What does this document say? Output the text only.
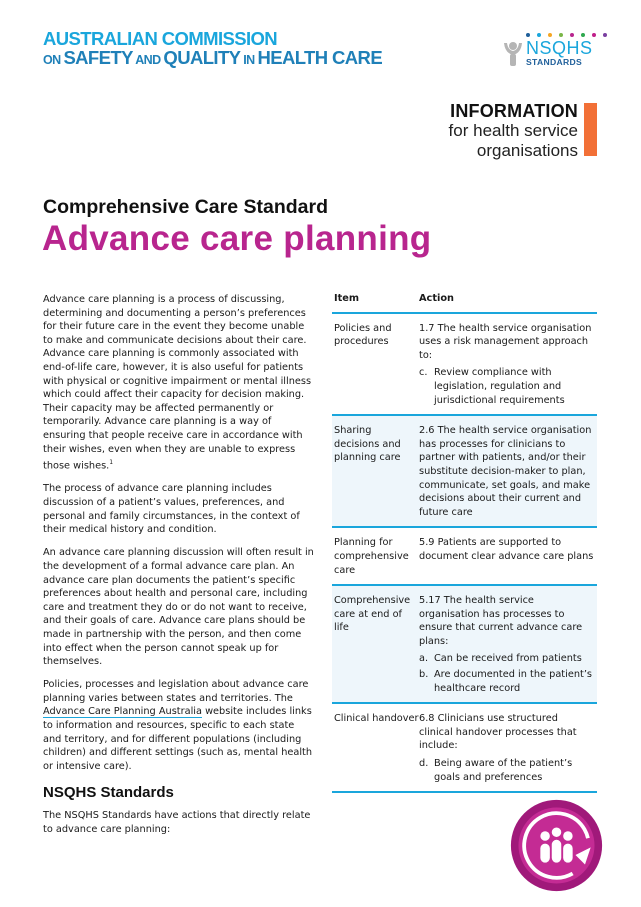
AUSTRALIAN COMMISSION
ON SAFETY AND QUALITY IN HEALTH CARE	NSQHS
STANDARDS
INFORMATION
for health service
organisations
Comprehensive Care Standard
Advance care planning

Advance care planning is a process of discussing, determining and documenting a person’s preferences for their future care in the event they become unable to make and communicate decisions about their care. Advance care planning is commonly associated with end-of-life care, however, it is also useful for patients with physical or cognitive impairment or mental illness which could affect their capacity for decision making. Their capacity may be affected permanently or temporarily. Advance care planning is a way of ensuring that people receive care in accordance with their wishes, even when they are unable to express those wishes.$^1$

The process of advance care planning includes discussion of a patient’s values, preferences, and personal and family circumstances, in the context of their medical history and condition.

An advance care planning discussion will often result in the development of a formal advance care plan. An advance care plan documents the patient’s specific preferences about health and personal care, including care and treatment they do or do not want to receive, and their goals of care. Advance care plans should be made in partnership with the person, and then come into effect when the person cannot speak up for themselves.

Policies, processes and legislation about advance care planning varies between states and territories. The Advance Care Planning Australia website includes links to information and resources, specific to each state and territory, and for different populations (including children) and different settings (such as, mental health or intensive care).

NSQHS Standards

The NSQHS Standards have actions that directly relate to advance care planning:

Item	Action
Policies and procedures
1.7 The health service organisation uses a risk management approach to:
c. Review compliance with legislation, regulation and jurisdictional requirements
Sharing decisions and planning care
2.6 The health service organisation has processes for clinicians to partner with patients, and/or their substitute decision-maker to plan, communicate, set goals, and make decisions about their current and future care
Planning for comprehensive care
5.9 Patients are supported to document clear advance care plans
Comprehensive care at end of life
5.17 The health service organisation has processes to ensure that current advance care plans:
a. Can be received from patients
b. Are documented in the patient’s healthcare record
Clinical handover 6.8 Clinicians use structured clinical handover processes that include:
d. Being aware of the patient’s goals and preferences
